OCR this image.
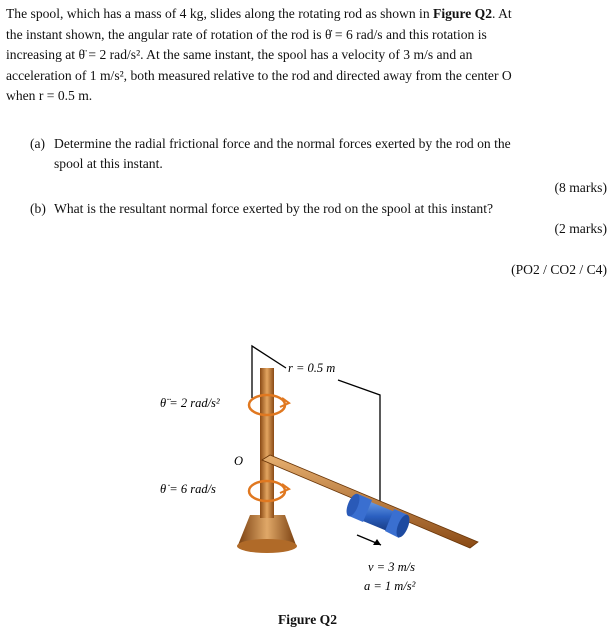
The spool, which has a mass of 4 kg, slides along the rotating rod as shown in Figure Q2. At
the instant shown, the angular rate of rotation of the rod is θ̇ = 6 rad/s and this rotation is
increasing at θ̈ = 2 rad/s². At the same instant, the spool has a velocity of 3 m/s and an
acceleration of 1 m/s², both measured relative to the rod and directed away from the center O
when r = 0.5 m.
(a) Determine the radial frictional force and the normal forces exerted by the rod on the
spool at this instant.
(8 marks)
(b) What is the resultant normal force exerted by the rod on the spool at this instant?
(2 marks)
(PO2 / CO2 / C4)
r = 0.5 m
θ̈ = 2 rad/s²
θ̇ = 6 rad/s
O
v = 3 m/s
a = 1 m/s²
Figure Q2
